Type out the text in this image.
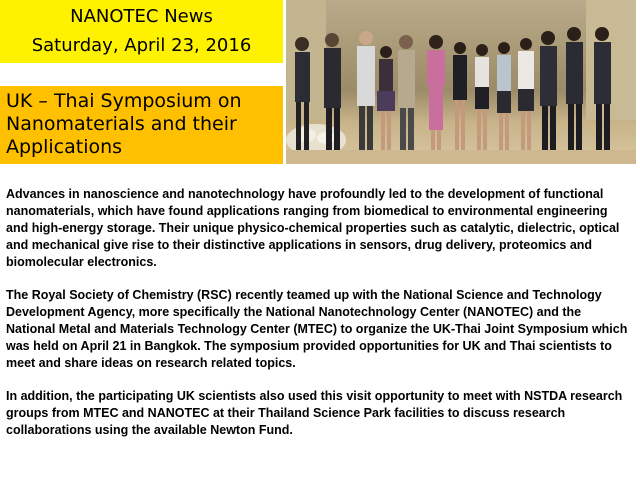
NANOTEC News
Saturday, April 23, 2016
UK – Thai Symposium on Nanomaterials and their Applications

Advances in nanoscience and nanotechnology have profoundly led to the development of functional nanomaterials, which have found applications ranging from biomedical to environmental engineering and high-energy storage. Their unique physico-chemical properties such as catalytic, dielectric, optical and mechanical give rise to their distinctive applications in sensors, drug delivery, proteomics and biomolecular electronics.

The Royal Society of Chemistry (RSC) recently teamed up with the National Science and Technology Development Agency, more specifically the National Nanotechnology Center (NANOTEC) and the National Metal and Materials Technology Center (MTEC) to organize the UK-Thai Joint Symposium which was held on April 21 in Bangkok. The symposium provided opportunities for UK and Thai scientists to meet and share ideas on research related topics.

In addition, the participating UK scientists also used this visit opportunity to meet with NSTDA research groups from MTEC and NANOTEC at their Thailand Science Park facilities to discuss research collaborations using the available Newton Fund.
